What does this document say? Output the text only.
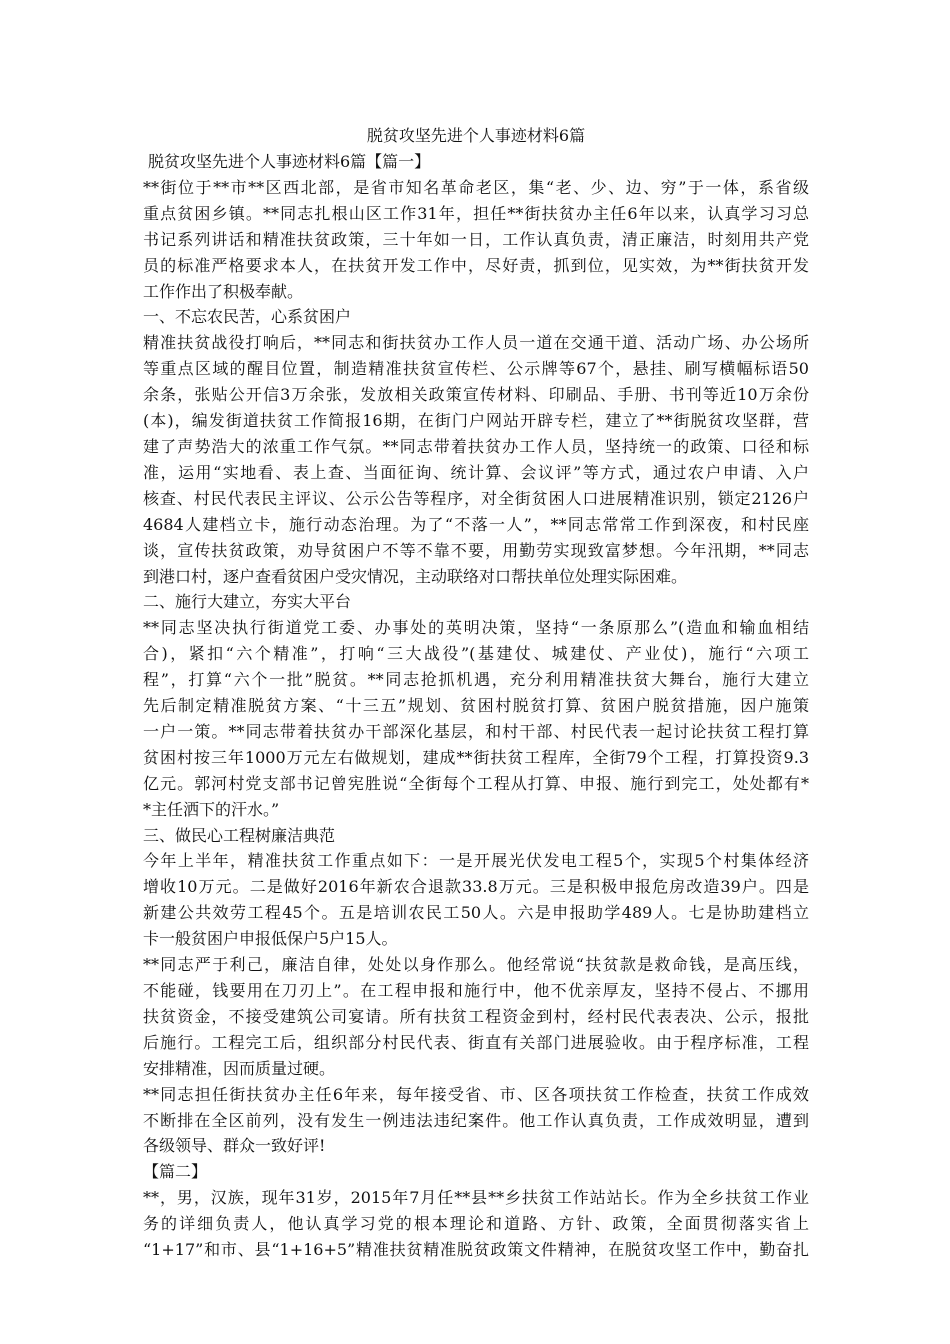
脱贫攻坚先进个人事迹材料6篇

脱贫攻坚先进个人事迹材料6篇【篇一】

**街位于**市**区西北部，是省市知名革命老区，集“老、少、边、穷”于一体，系省级

重点贫困乡镇。**同志扎根山区工作31年，担任**街扶贫办主任6年以来，认真学习习总

书记系列讲话和精准扶贫政策，三十年如一日，工作认真负责，清正廉洁，时刻用共产党

员的标准严格要求本人，在扶贫开发工作中，尽好责，抓到位，见实效，为**街扶贫开发

工作作出了积极奉献。

一、不忘农民苦，心系贫困户

精准扶贫战役打响后，**同志和街扶贫办工作人员一道在交通干道、活动广场、办公场所

等重点区域的醒目位置，制造精准扶贫宣传栏、公示牌等67个，悬挂、刷写横幅标语50

余条，张贴公开信3万余张，发放相关政策宣传材料、印刷品、手册、书刊等近10万余份

(本)，编发街道扶贫工作简报16期，在街门户网站开辟专栏，建立了**街脱贫攻坚群，营

建了声势浩大的浓重工作气氛。**同志带着扶贫办工作人员，坚持统一的政策、口径和标

准，运用“实地看、表上查、当面征询、统计算、会议评”等方式，通过农户申请、入户

核查、村民代表民主评议、公示公告等程序，对全街贫困人口进展精准识别，锁定2126户

4684人建档立卡，施行动态治理。为了“不落一人”，**同志常常工作到深夜，和村民座

谈，宣传扶贫政策，劝导贫困户不等不靠不要，用勤劳实现致富梦想。今年汛期，**同志

到港口村，逐户查看贫困户受灾情况，主动联络对口帮扶单位处理实际困难。

二、施行大建立，夯实大平台

**同志坚决执行街道党工委、办事处的英明决策，坚持“一条原那么”(造血和输血相结

合)，紧扣“六个精准”，打响“三大战役”(基建仗、城建仗、产业仗)，施行“六项工

程”，打算“六个一批”脱贫。**同志抢抓机遇，充分利用精准扶贫大舞台，施行大建立

先后制定精准脱贫方案、“十三五”规划、贫困村脱贫打算、贫困户脱贫措施，因户施策

一户一策。**同志带着扶贫办干部深化基层，和村干部、村民代表一起讨论扶贫工程打算

贫困村按三年1000万元左右做规划，建成**街扶贫工程库，全街79个工程，打算投资9.3

亿元。郭河村党支部书记曾宪胜说“全街每个工程从打算、申报、施行到完工，处处都有*

*主任洒下的汗水。”

三、做民心工程树廉洁典范

今年上半年，精准扶贫工作重点如下：一是开展光伏发电工程5个，实现5个村集体经济

增收10万元。二是做好2016年新农合退款33.8万元。三是积极申报危房改造39户。四是

新建公共效劳工程45个。五是培训农民工50人。六是申报助学489人。七是协助建档立

卡一般贫困户申报低保户5户15人。

**同志严于利己，廉洁自律，处处以身作那么。他经常说“扶贫款是救命钱，是高压线，

不能碰，钱要用在刀刃上”。在工程申报和施行中，他不优亲厚友，坚持不侵占、不挪用

扶贫资金，不接受建筑公司宴请。所有扶贫工程资金到村，经村民代表表决、公示，报批

后施行。工程完工后，组织部分村民代表、街直有关部门进展验收。由于程序标准，工程

安排精准，因而质量过硬。

**同志担任街扶贫办主任6年来，每年接受省、市、区各项扶贫工作检查，扶贫工作成效

不断排在全区前列，没有发生一例违法违纪案件。他工作认真负责，工作成效明显，遭到

各级领导、群众一致好评!

【篇二】

**，男，汉族，现年31岁，2015年7月任**县**乡扶贫工作站站长。作为全乡扶贫工作业

务的详细负责人，他认真学习党的根本理论和道路、方针、政策，全面贯彻落实省上

“1+17”和市、县“1+16+5”精准扶贫精准脱贫政策文件精神，在脱贫攻坚工作中，勤奋扎
